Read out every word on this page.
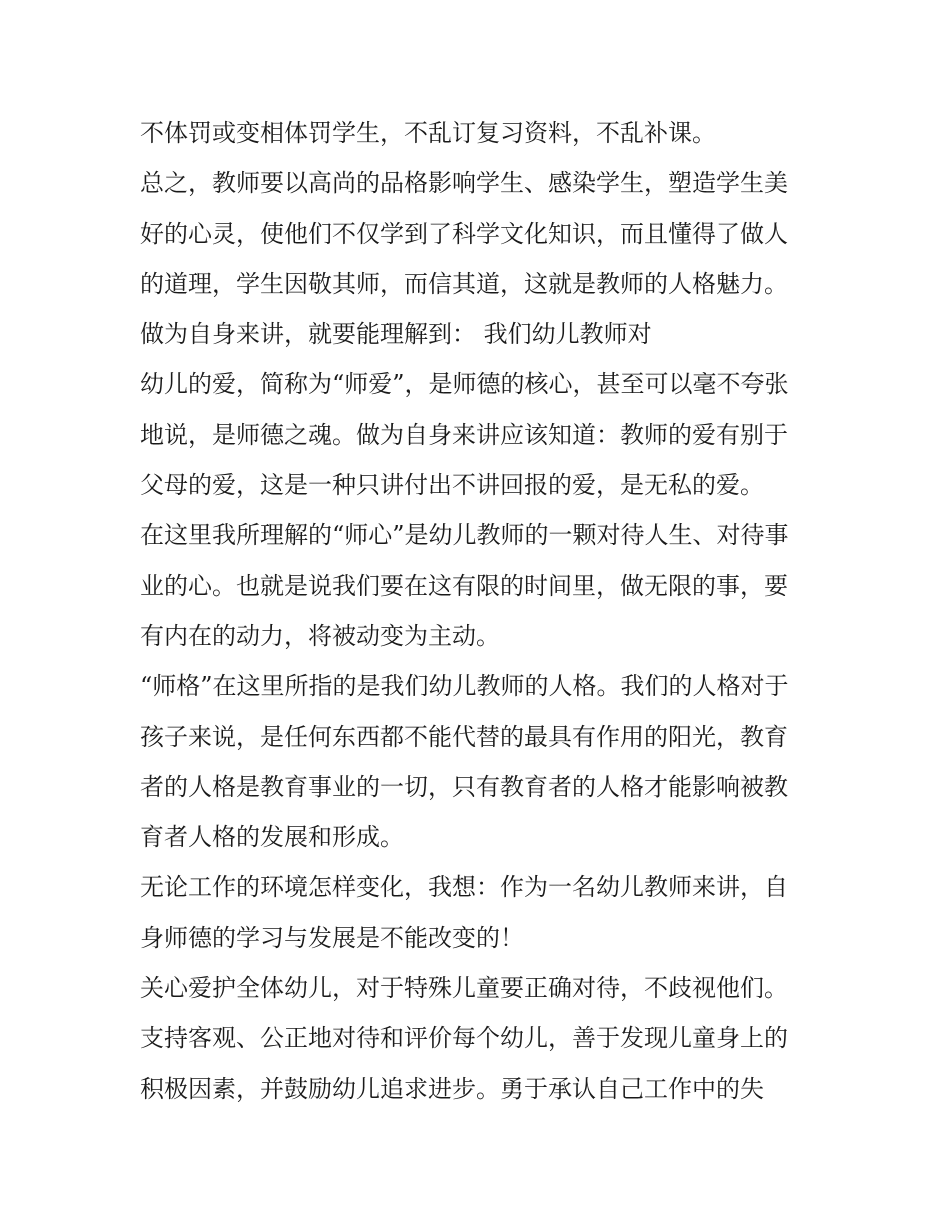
不体罚或变相体罚学生，不乱订复习资料，不乱补课。
总之，教师要以高尚的品格影响学生、感染学生，塑造学生美
好的心灵，使他们不仅学到了科学文化知识，而且懂得了做人
的道理，学生因敬其师，而信其道，这就是教师的人格魅力。
做为自身来讲，就要能理解到： 我们幼儿教师对
幼儿的爱，简称为“师爱”，是师德的核心，甚至可以毫不夸张
地说，是师德之魂。做为自身来讲应该知道：教师的爱有别于
父母的爱，这是一种只讲付出不讲回报的爱，是无私的爱。
在这里我所理解的“师心”是幼儿教师的一颗对待人生、对待事
业的心。也就是说我们要在这有限的时间里，做无限的事，要
有内在的动力，将被动变为主动。
“师格”在这里所指的是我们幼儿教师的人格。我们的人格对于
孩子来说，是任何东西都不能代替的最具有作用的阳光，教育
者的人格是教育事业的一切，只有教育者的人格才能影响被教
育者人格的发展和形成。
无论工作的环境怎样变化，我想：作为一名幼儿教师来讲，自
身师德的学习与发展是不能改变的！
关心爱护全体幼儿，对于特殊儿童要正确对待，不歧视他们。
支持客观、公正地对待和评价每个幼儿，善于发现儿童身上的
积极因素，并鼓励幼儿追求进步。勇于承认自己工作中的失
